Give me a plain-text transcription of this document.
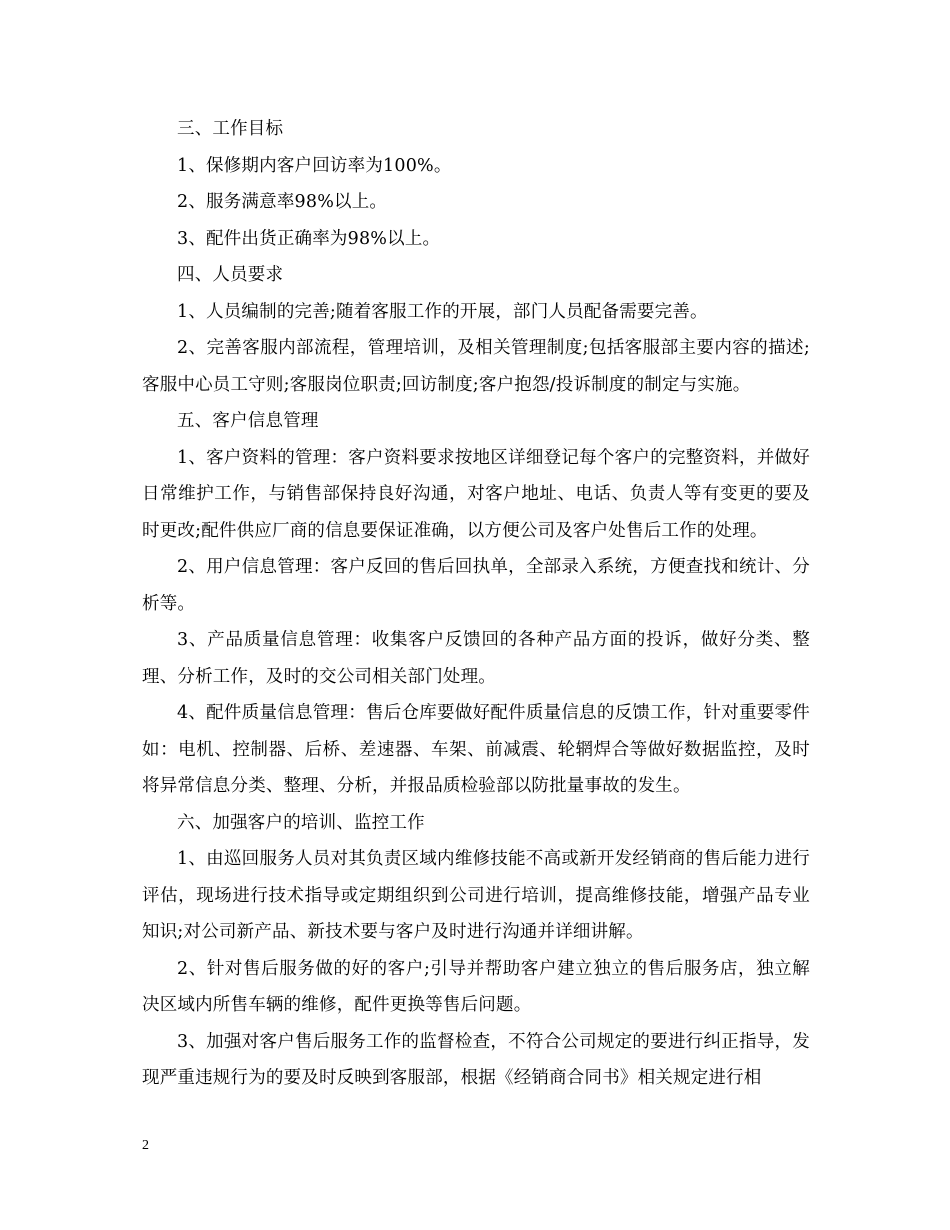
三、工作目标

1、保修期内客户回访率为100%。

2、服务满意率98%以上。

3、配件出货正确率为98%以上。

四、人员要求

1、人员编制的完善;随着客服工作的开展，部门人员配备需要完善。

2、完善客服内部流程，管理培训，及相关管理制度;包括客服部主要内容的描述;客服中心员工守则;客服岗位职责;回访制度;客户抱怨/投诉制度的制定与实施。

五、客户信息管理

1、客户资料的管理：客户资料要求按地区详细登记每个客户的完整资料，并做好日常维护工作，与销售部保持良好沟通，对客户地址、电话、负责人等有变更的要及时更改;配件供应厂商的信息要保证准确，以方便公司及客户处售后工作的处理。

2、用户信息管理：客户反回的售后回执单，全部录入系统，方便查找和统计、分析等。

3、产品质量信息管理：收集客户反馈回的各种产品方面的投诉，做好分类、整理、分析工作，及时的交公司相关部门处理。

4、配件质量信息管理：售后仓库要做好配件质量信息的反馈工作，针对重要零件如：电机、控制器、后桥、差速器、车架、前减震、轮辋焊合等做好数据监控，及时将异常信息分类、整理、分析，并报品质检验部以防批量事故的发生。

六、加强客户的培训、监控工作

1、由巡回服务人员对其负责区域内维修技能不高或新开发经销商的售后能力进行评估，现场进行技术指导或定期组织到公司进行培训，提高维修技能，增强产品专业知识;对公司新产品、新技术要与客户及时进行沟通并详细讲解。

2、针对售后服务做的好的客户;引导并帮助客户建立独立的售后服务店，独立解决区域内所售车辆的维修，配件更换等售后问题。

3、加强对客户售后服务工作的监督检查，不符合公司规定的要进行纠正指导，发现严重违规行为的要及时反映到客服部，根据《经销商合同书》相关规定进行相

2
